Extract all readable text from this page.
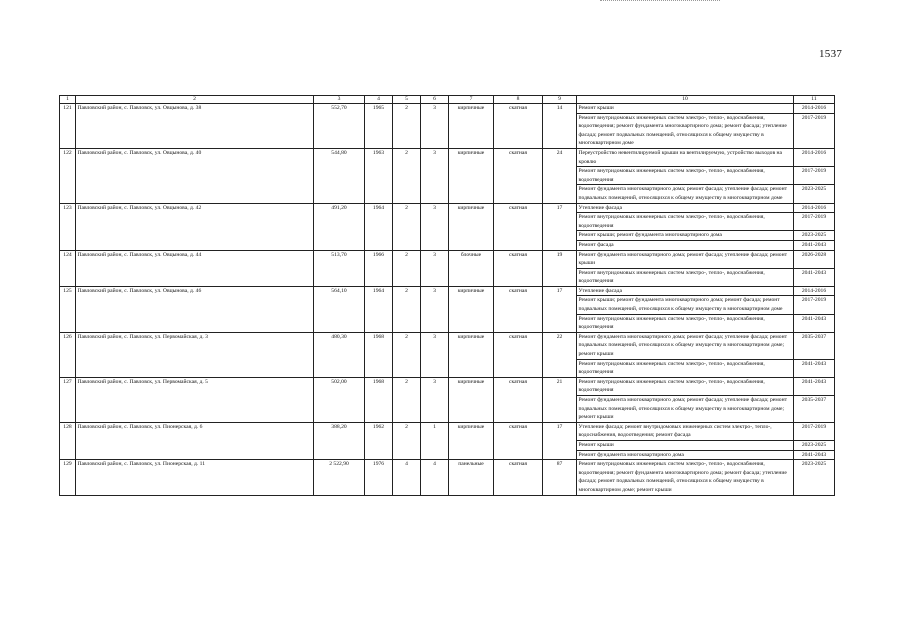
1537
1	2	3	4	5	6	7	8	9	10	11
121	Павловский район, с. Павловск, ул. Овцынова, д. 38	552,70	1965	2	3	кирпичные	скатная	14	Ремонт крыши	2014-2016
									Ремонт внутридомовых инженерных систем электро-, тепло-, водоснабжения, водоотведения; ремонт фундамента многоквартирного дома; ремонт фасада; утепление фасада; ремонт подвальных помещений, относящихся к общему имуществу в многоквартирном доме	2017-2019
122	Павловский район, с. Павловск, ул. Овцынова, д. 40	544,80	1963	2	3	кирпичные	скатная	24	Переустройство невентилируемой крыши на вентилируемую, устройство выходов на кровлю	2014-2016
									Ремонт внутридомовых инженерных систем электро-, тепло-, водоснабжения, водоотведения	2017-2019
									Ремонт фундамента многоквартирного дома; ремонт фасада; утепление фасада; ремонт подвальных помещений, относящихся к общему имуществу в многоквартирном доме	2023-2025
123	Павловский район, с. Павловск, ул. Овцынова, д. 42	491,20	1964	2	3	кирпичные	скатная	17	Утепление фасада	2014-2016
									Ремонт внутридомовых инженерных систем электро-, тепло-, водоснабжения, водоотведения	2017-2019
									Ремонт крыши; ремонт фундамента многоквартирного дома	2023-2025
									Ремонт фасада	2041-2043
124	Павловский район, с. Павловск, ул. Овцынова, д. 44	513,70	1966	2	3	блочные	скатная	19	Ремонт фундамента многоквартирного дома; ремонт фасада; утепление фасада; ремонт крыши	2026-2028
									Ремонт внутридомовых инженерных систем электро-, тепло-, водоснабжения, водоотведения	2041-2043
125	Павловский район, с. Павловск, ул. Овцынова, д. 46	564,10	1964	2	3	кирпичные	скатная	17	Утепление фасада	2014-2016
									Ремонт крыши; ремонт фундамента многоквартирного дома; ремонт фасада; ремонт подвальных помещений, относящихся к общему имуществу в многоквартирном доме	2017-2019
									Ремонт внутридомовых инженерных систем электро-, тепло-, водоснабжения, водоотведения	2041-2043
126	Павловский район, с. Павловск, ул. Первомайская, д. 3	480,30	1968	2	3	кирпичные	скатная	22	Ремонт фундамента многоквартирного дома; ремонт фасада; утепление фасада; ремонт подвальных помещений, относящихся к общему имуществу в многоквартирном доме; ремонт крыши	2035-2037
									Ремонт внутридомовых инженерных систем электро-, тепло-, водоснабжения, водоотведения	2041-2043
127	Павловский район, с. Павловск, ул. Первомайская, д. 5	502,00	1968	2	3	кирпичные	скатная	21	Ремонт внутридомовых инженерных систем электро-, тепло-, водоснабжения, водоотведения	2041-2043
									Ремонт фундамента многоквартирного дома; ремонт фасада; утепление фасада; ремонт подвальных помещений, относящихся к общему имуществу в многоквартирном доме; ремонт крыши	2035-2037
128	Павловский район, с. Павловск, ул. Пионерская, д. 6	388,20	1962	2	1	кирпичные	скатная	17	Утепление фасада; ремонт внутридомовых инженерных систем электро-, тепло-, водоснабжения, водоотведения; ремонт фасада	2017-2019
									Ремонт крыши	2023-2025
									Ремонт фундамента многоквартирного дома	2041-2043
129	Павловский район, с. Павловск, ул. Пионерская, д. 11	2 522,90	1976	4	4	панельные	скатная	87	Ремонт внутридомовых инженерных систем электро-, тепло-, водоснабжения, водоотведения; ремонт фундамента многоквартирного дома; ремонт фасада; утепление фасада; ремонт подвальных помещений, относящихся к общему имуществу в многоквартирном доме; ремонт крыши	2023-2025
